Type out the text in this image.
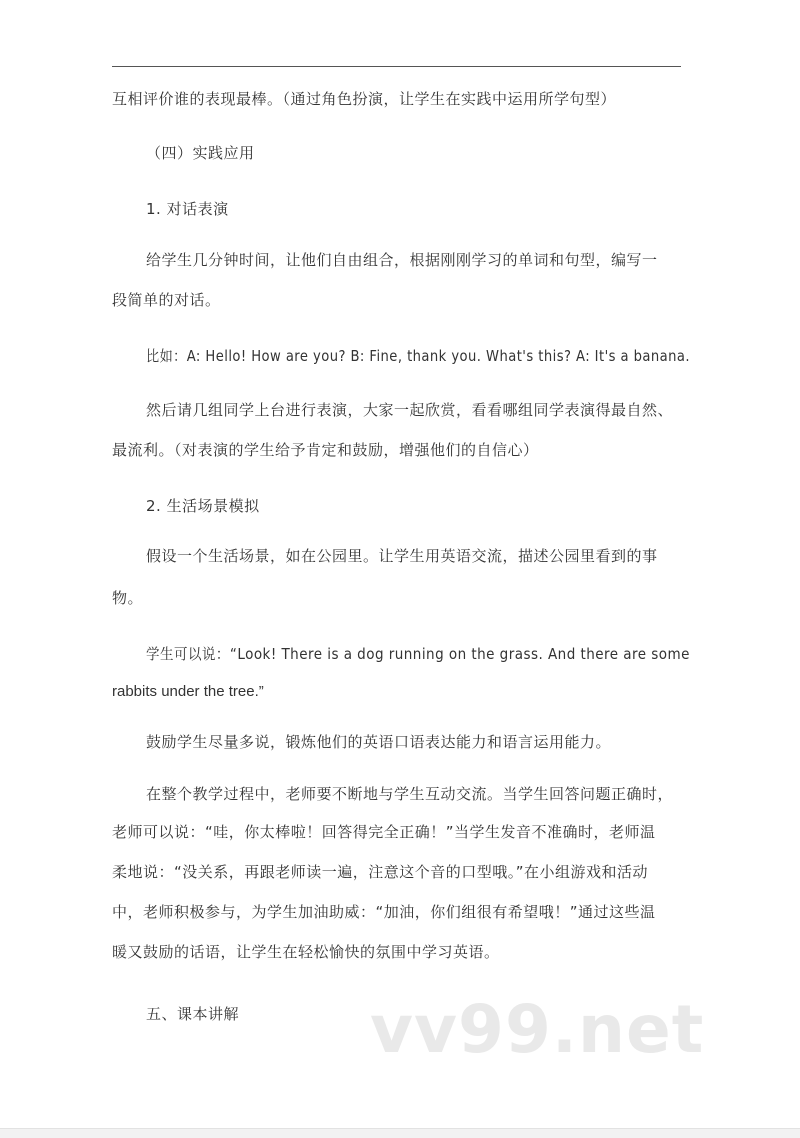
互相评价谁的表现最棒。（通过角色扮演，让学生在实践中运用所学句型）
（四）实践应用
1. 对话表演
给学生几分钟时间，让他们自由组合，根据刚刚学习的单词和句型，编写一
段简单的对话。
比如：A: Hello! How are you? B: Fine, thank you. What's this? A: It's a banana.
然后请几组同学上台进行表演，大家一起欣赏，看看哪组同学表演得最自然、
最流利。（对表演的学生给予肯定和鼓励，增强他们的自信心）
2. 生活场景模拟
假设一个生活场景，如在公园里。让学生用英语交流，描述公园里看到的事
物。
学生可以说：“Look! There is a dog running on the grass. And there are some
rabbits under the tree.”
鼓励学生尽量多说，锻炼他们的英语口语表达能力和语言运用能力。
在整个教学过程中，老师要不断地与学生互动交流。当学生回答问题正确时，
老师可以说：“哇，你太棒啦！回答得完全正确！”当学生发音不准确时，老师温
柔地说：“没关系，再跟老师读一遍，注意这个音的口型哦。”在小组游戏和活动
中，老师积极参与，为学生加油助威：“加油，你们组很有希望哦！”通过这些温
暖又鼓励的话语，让学生在轻松愉快的氛围中学习英语。
五、课本讲解 vv99.net
